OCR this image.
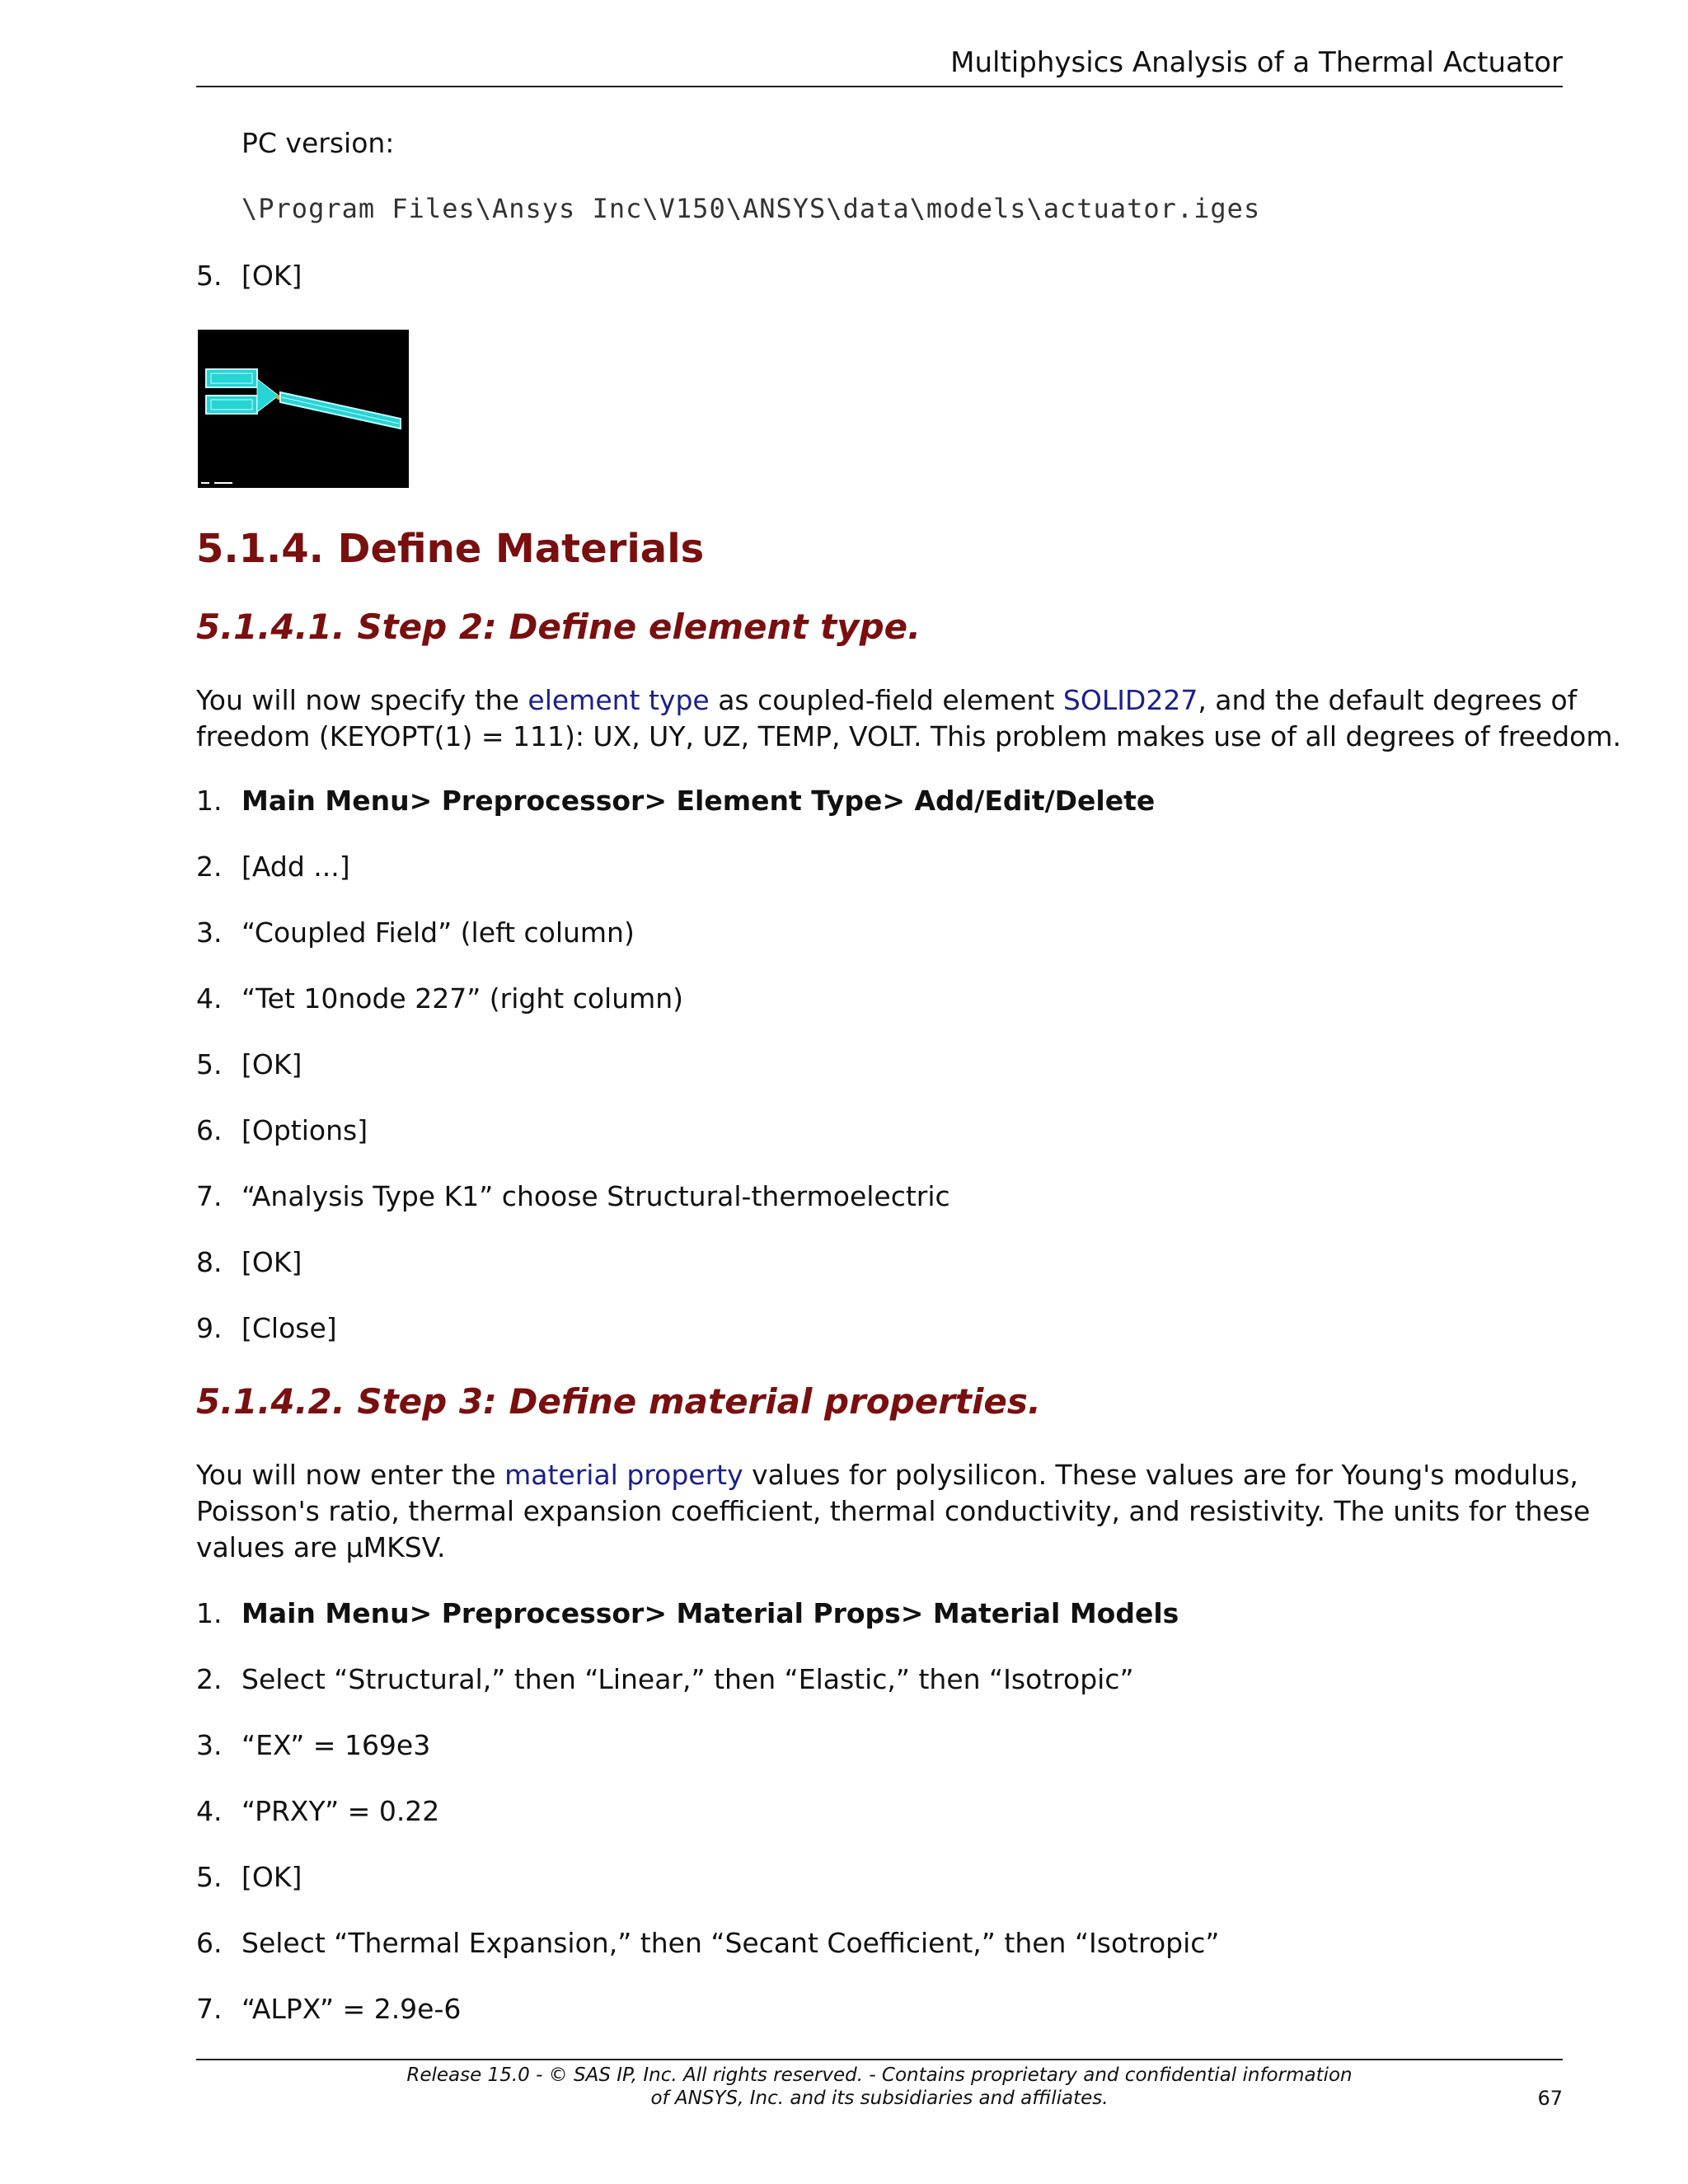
Multiphysics Analysis of a Thermal Actuator
PC version:
\Program Files\Ansys Inc\V150\ANSYS\data\models\actuator.iges
5. [OK]
5.1.4. Define Materials
5.1.4.1. Step 2: Define element type.
You will now specify the element type as coupled-field element SOLID227, and the default degrees of
freedom (KEYOPT(1) = 111): UX, UY, UZ, TEMP, VOLT. This problem makes use of all degrees of freedom.
1. Main Menu> Preprocessor> Element Type> Add/Edit/Delete
2. [Add ...]
3. “Coupled Field” (left column)
4. “Tet 10node 227” (right column)
5. [OK]
6. [Options]
7. “Analysis Type K1” choose Structural-thermoelectric
8. [OK]
9. [Close]
5.1.4.2. Step 3: Define material properties.
You will now enter the material property values for polysilicon. These values are for Young's modulus,
Poisson's ratio, thermal expansion coefficient, thermal conductivity, and resistivity. The units for these
values are μMKSV.
1. Main Menu> Preprocessor> Material Props> Material Models
2. Select “Structural,” then “Linear,” then “Elastic,” then “Isotropic”
3. “EX” = 169e3
4. “PRXY” = 0.22
5. [OK]
6. Select “Thermal Expansion,” then “Secant Coefficient,” then “Isotropic”
7. “ALPX” = 2.9e-6
Release 15.0 - © SAS IP, Inc. All rights reserved. - Contains proprietary and confidential information
of ANSYS, Inc. and its subsidiaries and affiliates.	67
